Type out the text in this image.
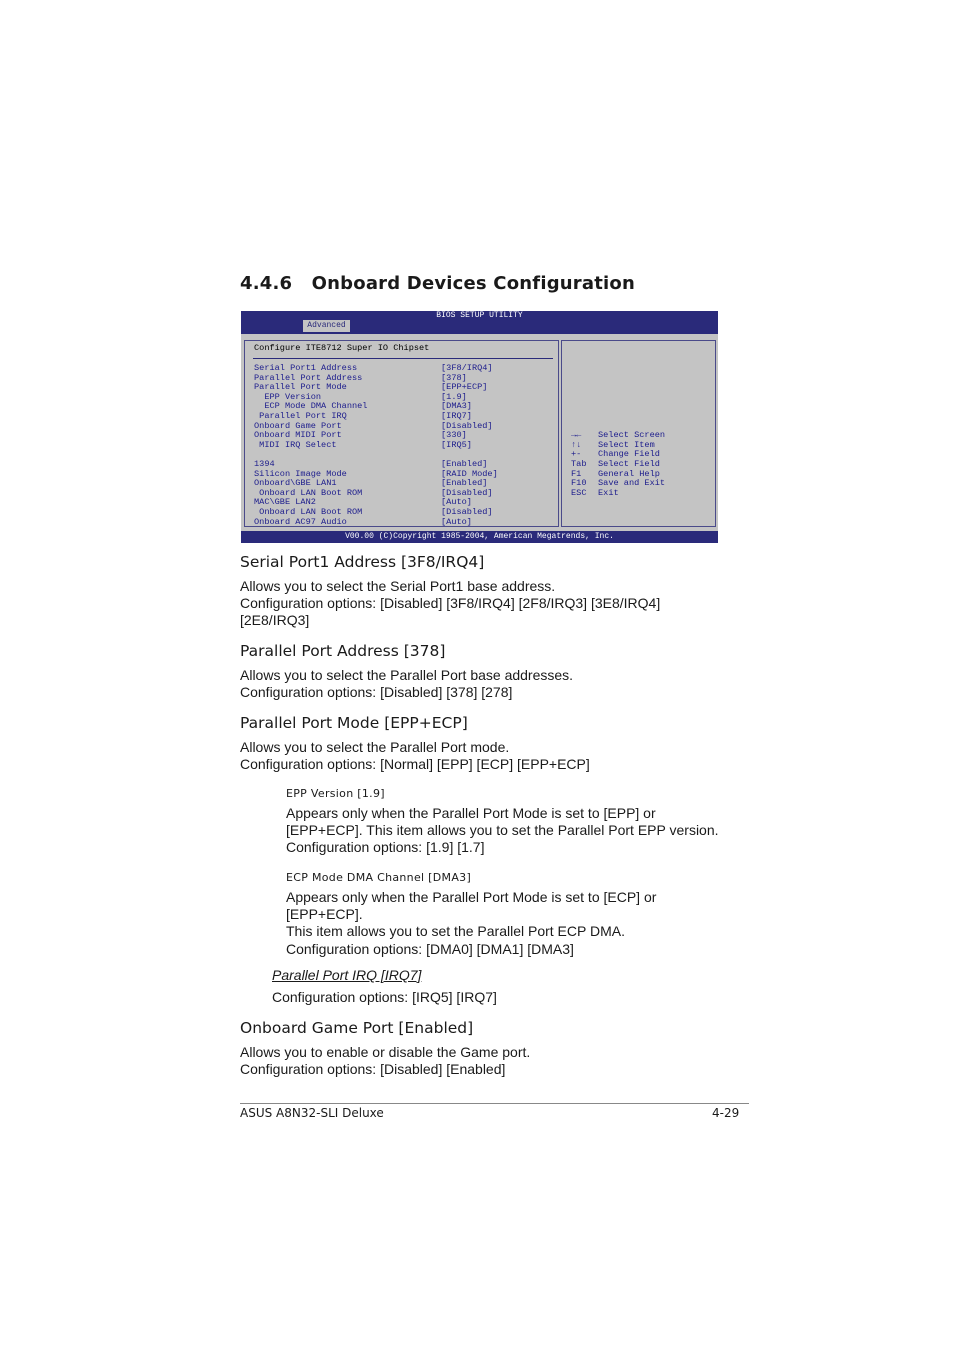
4.4.6 Onboard Devices Configuration
BIOS SETUP UTILITY
Advanced
Configure ITE8712 Super IO Chipset
Serial Port1 Address	[3F8/IRQ4]
Parallel Port Address	[378]
Parallel Port Mode	[EPP+ECP]
EPP Version	[1.9]
ECP Mode DMA Channel	[DMA3]
Parallel Port IRQ	[IRQ7]
Onboard Game Port	[Disabled]
Onboard MIDI Port	[330]
MIDI IRQ Select	[IRQ5]
1394	[Enabled]
Silicon Image Mode	[RAID Mode]
Onboard\GBE LAN1	[Enabled]
Onboard LAN Boot ROM	[Disabled]
MAC\GBE LAN2	[Auto]
Onboard LAN Boot ROM	[Disabled]
Onboard AC97 Audio	[Auto]
→← Select Screen
↑↓ Select Item
+- Change Field
Tab Select Field
F1 General Help
F10 Save and Exit
ESC Exit
V00.00 (C)Copyright 1985-2004, American Megatrends, Inc.
Serial Port1 Address [3F8/IRQ4]

Allows you to select the Serial Port1 base address.

Configuration options: [Disabled] [3F8/IRQ4] [2F8/IRQ3] [3E8/IRQ4]

[2E8/IRQ3]

Parallel Port Address [378]

Allows you to select the Parallel Port base addresses.

Configuration options: [Disabled] [378] [278]

Parallel Port Mode [EPP+ECP]

Allows you to select the Parallel Port mode.

Configuration options: [Normal] [EPP] [ECP] [EPP+ECP]

EPP Version [1.9]

Appears only when the Parallel Port Mode is set to [EPP] or

[EPP+ECP]. This item allows you to set the Parallel Port EPP version.

Configuration options: [1.9] [1.7]

ECP Mode DMA Channel [DMA3]

Appears only when the Parallel Port Mode is set to [ECP] or

[EPP+ECP].

This item allows you to set the Parallel Port ECP DMA.

Configuration options: [DMA0] [DMA1] [DMA3]

Parallel Port IRQ [IRQ7]

Configuration options: [IRQ5] [IRQ7]

Onboard Game Port [Enabled]

Allows you to enable or disable the Game port.

Configuration options: [Disabled] [Enabled]

ASUS A8N32-SLI Deluxe	4-29
